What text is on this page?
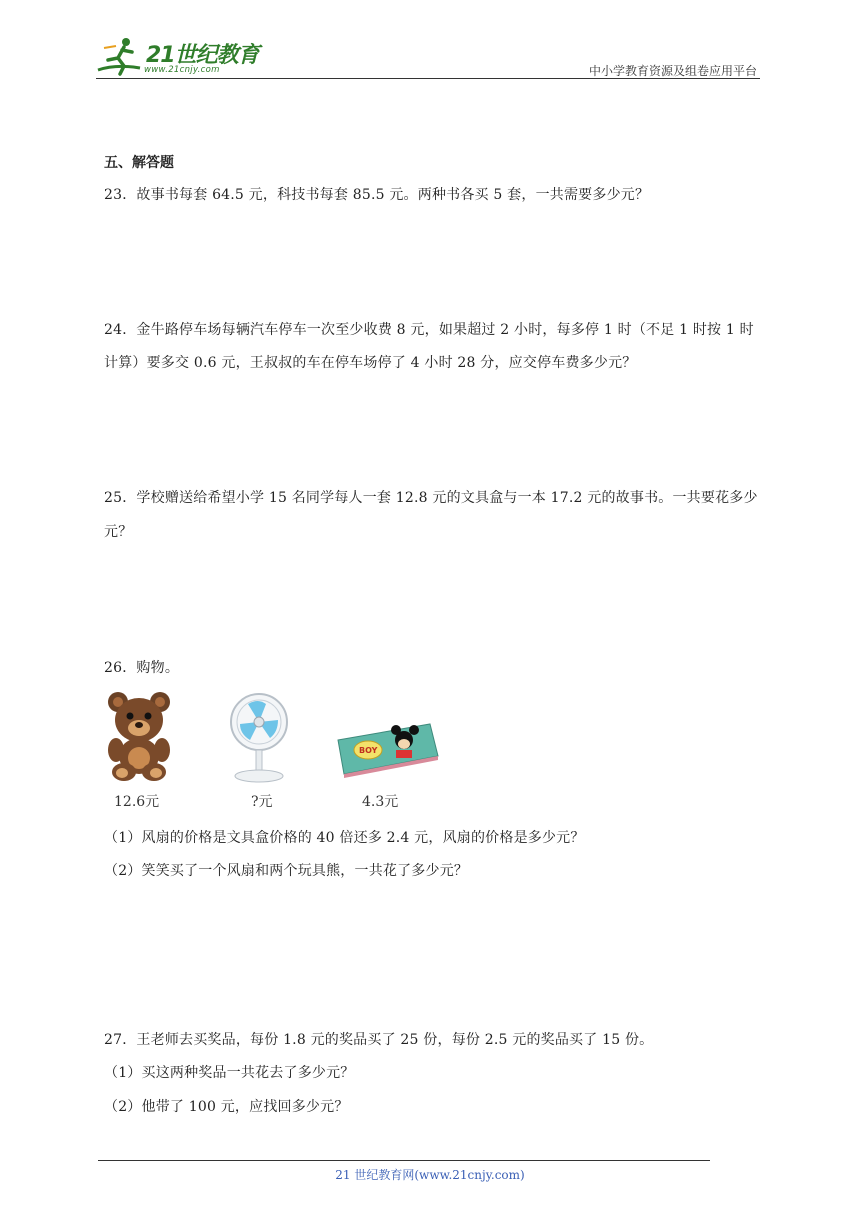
21世纪教育
www.21cnjy.com	中小学教育资源及组卷应用平台
五、解答题
23．故事书每套 64.5 元，科技书每套 85.5 元。两种书各买 5 套，一共需要多少元？
24．金牛路停车场每辆汽车停车一次至少收费 8 元，如果超过 2 小时，每多停 1 时（不足 1 时按 1 时
计算）要多交 0.6 元，王叔叔的车在停车场停了 4 小时 28 分，应交停车费多少元？
25．学校赠送给希望小学 15 名同学每人一套 12.8 元的文具盒与一本 17.2 元的故事书。一共要花多少
元？
26．购物。
12.6元	?元
BOY
4.3元
（1）风扇的价格是文具盒价格的 40 倍还多 2.4 元，风扇的价格是多少元？
（2）笑笑买了一个风扇和两个玩具熊，一共花了多少元？
27．王老师去买奖品，每份 1.8 元的奖品买了 25 份，每份 2.5 元的奖品买了 15 份。
（1）买这两种奖品一共花去了多少元？
（2）他带了 100 元，应找回多少元？
21 世纪教育网(www.21cnjy.com)
